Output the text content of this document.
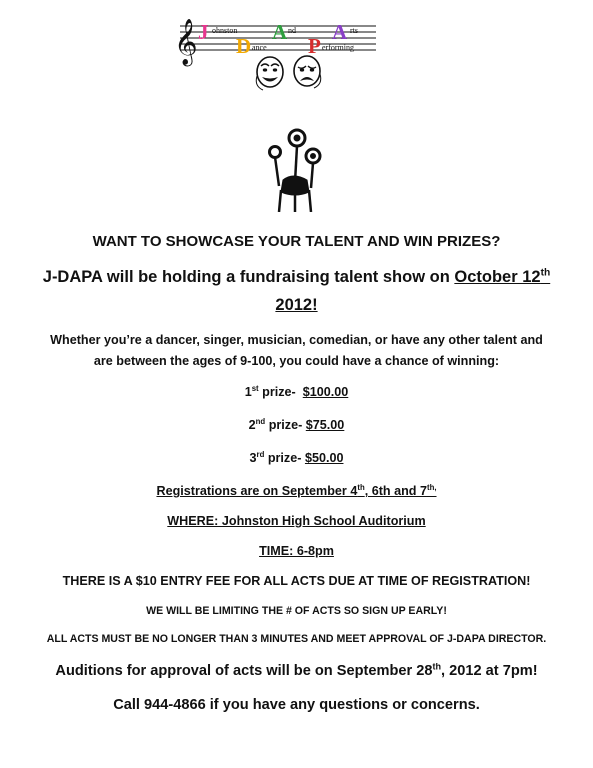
𝄞 J ohnston	nd
A A rts
D ance P erforming
WANT TO SHOWCASE YOUR TALENT AND WIN PRIZES?
J-DAPA will be holding a fundraising talent show on October 12th
2012!
Whether you’re a dancer, singer, musician, comedian, or have any other talent and
are between the ages of 9-100, you could have a chance of winning:
1st prize-  $100.00
2nd prize- $75.00
3rd prize- $50.00
Registrations are on September 4th, 6th and $7^{th,}$
WHERE: Johnston High School Auditorium
TIME: 6-8pm
THERE IS A $10 ENTRY FEE FOR ALL ACTS DUE AT TIME OF REGISTRATION!
WE WILL BE LIMITING THE # OF ACTS SO SIGN UP EARLY!
ALL ACTS MUST BE NO LONGER THAN 3 MINUTES AND MEET APPROVAL OF J-DAPA DIRECTOR.
Auditions for approval of acts will be on September 28th, 2012 at 7pm!
Call 944-4866 if you have any questions or concerns.
